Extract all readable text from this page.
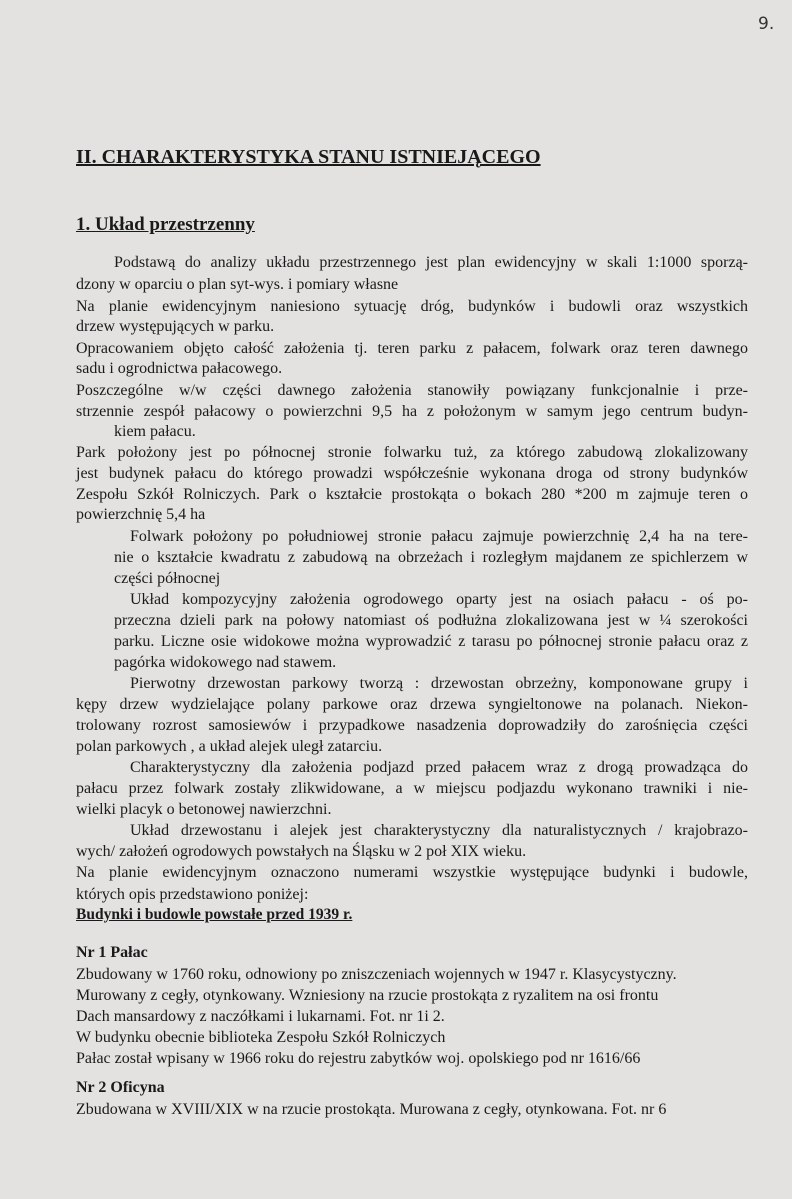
9.
II. CHARAKTERYSTYKA STANU ISTNIEJĄCEGO
1. Układ przestrzenny
Podstawą do analizy układu przestrzennego jest plan ewidencyjny w skali 1:1000 sporzą-
dzony w oparciu o plan syt-wys. i pomiary własne
Na planie ewidencyjnym naniesiono sytuację dróg, budynków i budowli oraz wszystkich
drzew występujących w parku.
Opracowaniem objęto całość założenia tj. teren parku z pałacem, folwark oraz teren dawnego
sadu i ogrodnictwa pałacowego.
Poszczególne w/w części dawnego założenia stanowiły powiązany funkcjonalnie i prze-
strzennie zespół pałacowy o powierzchni 9,5 ha z położonym w samym jego centrum budyn-
kiem pałacu.
Park położony jest po północnej stronie folwarku tuż, za którego zabudową zlokalizowany
jest budynek pałacu do którego prowadzi współcześnie wykonana droga od strony budynków
Zespołu Szkół Rolniczych. Park o kształcie prostokąta o bokach 280 *200 m zajmuje teren o
powierzchnię 5,4 ha
Folwark położony po południowej stronie pałacu zajmuje powierzchnię 2,4 ha na tere-
nie o kształcie kwadratu z zabudową na obrzeżach i rozległym majdanem ze spichlerzem w
części północnej
Układ kompozycyjny założenia ogrodowego oparty jest na osiach pałacu - oś po-
przeczna dzieli park na połowy natomiast oś podłużna zlokalizowana jest w ¼ szerokości
parku. Liczne osie widokowe można wyprowadzić z tarasu po północnej stronie pałacu oraz z
pagórka widokowego nad stawem.
Pierwotny drzewostan parkowy tworzą : drzewostan obrzeżny, komponowane grupy i
kępy drzew wydzielające polany parkowe oraz drzewa syngieltonowe na polanach. Niekon-
trolowany rozrost samosiewów i przypadkowe nasadzenia doprowadziły do zarośnięcia części
polan parkowych , a układ alejek uległ zatarciu.
Charakterystyczny dla założenia podjazd przed pałacem wraz z drogą prowadząca do
pałacu przez folwark zostały zlikwidowane, a w miejscu podjazdu wykonano trawniki i nie-
wielki placyk o betonowej nawierzchni.
Układ drzewostanu i alejek jest charakterystyczny dla naturalistycznych / krajobrazo-
wych/ założeń ogrodowych powstałych na Śląsku w 2 poł XIX wieku.
Na planie ewidencyjnym oznaczono numerami wszystkie występujące budynki i budowle,
których opis przedstawiono poniżej:
Budynki i budowle powstałe przed 1939 r.
Nr 1 Pałac
Zbudowany w 1760 roku, odnowiony po zniszczeniach wojennych w 1947 r. Klasycystyczny.
Murowany z cegły, otynkowany. Wzniesiony na rzucie prostokąta z ryzalitem na osi frontu
Dach mansardowy z naczółkami i lukarnami. Fot. nr 1i 2.
W budynku obecnie biblioteka Zespołu Szkół Rolniczych
Pałac został wpisany w 1966 roku do rejestru zabytków woj. opolskiego pod nr 1616/66
Nr 2 Oficyna
Zbudowana w XVIII/XIX w na rzucie prostokąta. Murowana z cegły, otynkowana. Fot. nr 6
